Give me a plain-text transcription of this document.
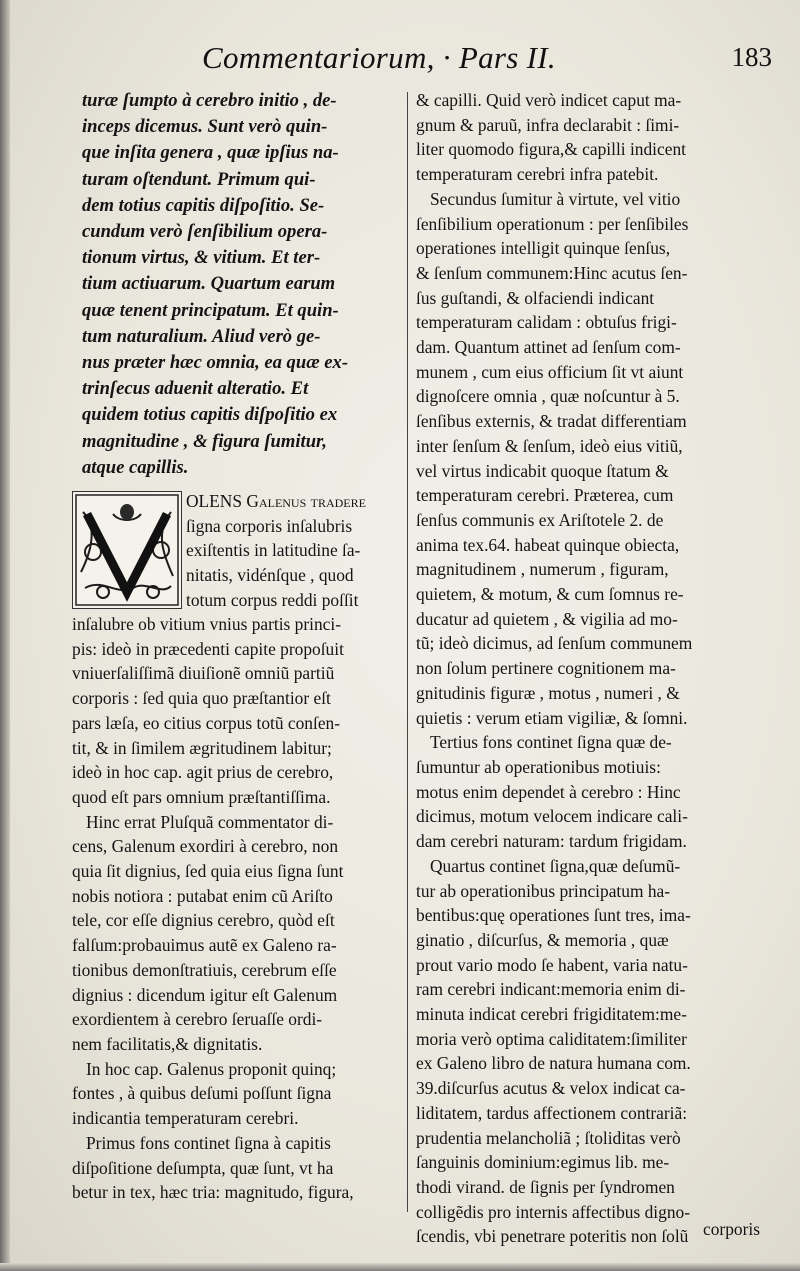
Commentariorum, · Pars II.	183
turæ ſumpto à cerebro initio , de-
inceps dicemus. Sunt verò quin-
que inſita genera , quæ ipſius na-
turam oſtendunt. Primum qui-
dem totius capitis diſpoſitio. Se-
cundum verò ſenſibilium opera-
tionum virtus, & vitium. Et ter-
tium actiuarum. Quartum earum
quæ tenent principatum. Et quin-
tum naturalium. Aliud verò ge-
nus præter hæc omnia, ea quæ ex-
trinſecus aduenit alteratio. Et
quidem totius capitis diſpoſitio ex
magnitudine , & figura ſumitur,
atque capillis.
OLENS Galenus tradere
ſigna corporis inſalubris
exiſtentis in latitudine ſa-
nitatis, vidénſque , quod
totum corpus reddi poſſit
inſalubre ob vitium vnius partis princi-
pis: ideò in præcedenti capite propoſuit
vniuerſaliſſimã diuiſionẽ omniũ partiũ
corporis : ſed quia quo præſtantior eſt
pars læſa, eo citius corpus totũ conſen-
tit, & in ſimilem ægritudinem labitur;
ideò in hoc cap. agit prius de cerebro,
quod eſt pars omnium præſtantiſſima.
Hinc errat Pluſquã commentator di-
cens, Galenum exordiri à cerebro, non
quia ſit dignius, ſed quia eius ſigna ſunt
nobis notiora : putabat enim cũ Ariſto
tele, cor eſſe dignius cerebro, quòd eſt
falſum:probauimus autẽ ex Galeno ra-
tionibus demonſtratiuis, cerebrum eſſe
dignius : dicendum igitur eſt Galenum
exordientem à cerebro ſeruaſſe ordi-
nem facilitatis,& dignitatis.
In hoc cap. Galenus proponit quinq;
fontes , à quibus deſumi poſſunt ſigna
indicantia temperaturam cerebri.
Primus fons continet ſigna à capitis
diſpoſitione deſumpta, quæ ſunt, vt ha
betur in tex, hæc tria: magnitudo, figura,
& capilli. Quid verò indicet caput ma-
gnum & paruũ, infra declarabit : ſimi-
liter quomodo figura,& capilli indicent
temperaturam cerebri infra patebit.
Secundus ſumitur à virtute, vel vitio
ſenſibilium operationum : per ſenſibiles
operationes intelligit quinque ſenſus,
& ſenſum communem:Hinc acutus ſen-
ſus guſtandi, & olfaciendi indicant
temperaturam calidam : obtuſus frigi-
dam. Quantum attinet ad ſenſum com-
munem , cum eius officium ſit vt aiunt
dignoſcere omnia , quæ noſcuntur à 5.
ſenſibus externis, & tradat differentiam
inter ſenſum & ſenſum, ideò eius vitiũ,
vel virtus indicabit quoque ſtatum &
temperaturam cerebri. Præterea, cum
ſenſus communis ex Ariſtotele 2. de
anima tex.64. habeat quinque obiecta,
magnitudinem , numerum , figuram,
quietem, & motum, & cum ſomnus re-
ducatur ad quietem , & vigilia ad mo-
tũ; ideò dicimus, ad ſenſum communem
non ſolum pertinere cognitionem ma-
gnitudinis figuræ , motus , numeri , &
quietis : verum etiam vigiliæ, & ſomni.
Tertius fons continet ſigna quæ de-
ſumuntur ab operationibus motiuis:
motus enim dependet à cerebro : Hinc
dicimus, motum velocem indicare cali-
dam cerebri naturam: tardum frigidam.
Quartus continet ſigna,quæ deſumũ-
tur ab operationibus principatum ha-
bentibus:quę operationes ſunt tres, ima-
ginatio , diſcurſus, & memoria , quæ
prout vario modo ſe habent, varia natu-
ram cerebri indicant:memoria enim di-
minuta indicat cerebri frigiditatem:me-
moria verò optima caliditatem:ſimiliter
ex Galeno libro de natura humana com.
39.diſcurſus acutus & velox indicat ca-
liditatem, tardus affectionem contrariã:
prudentia melancholiã ; ſtoliditas verò
ſanguinis dominium:egimus lib. me-
thodi virand. de ſignis per ſyndromen
colligẽdis pro internis affectibus digno-
ſcendis, vbi penetrare poteritis non ſolũ corporis
